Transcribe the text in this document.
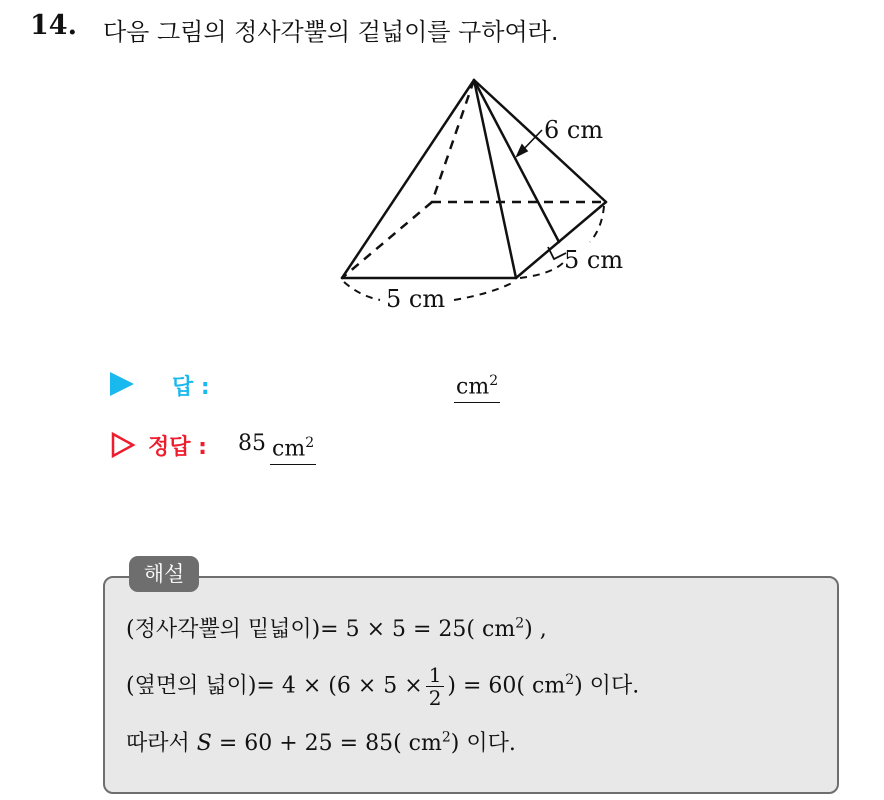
14. 다음 그림의 정사각뿔의 겉넓이를 구하여라.
6 cm
5 cm
5 cm
답 :	$cm^2$
정답 : 85 $cm^2$
해설
(정사각뿔의 밑넓이)= 5 × 5 = 25( $cm^2$) ,
(옆면의 넓이)= $4 \times (6 \times 5 \times \frac{1}{2}$ ) = 60( $cm^2$) 이다.
따라서 S = 60 + 25 = 85( $cm^2$) 이다.
